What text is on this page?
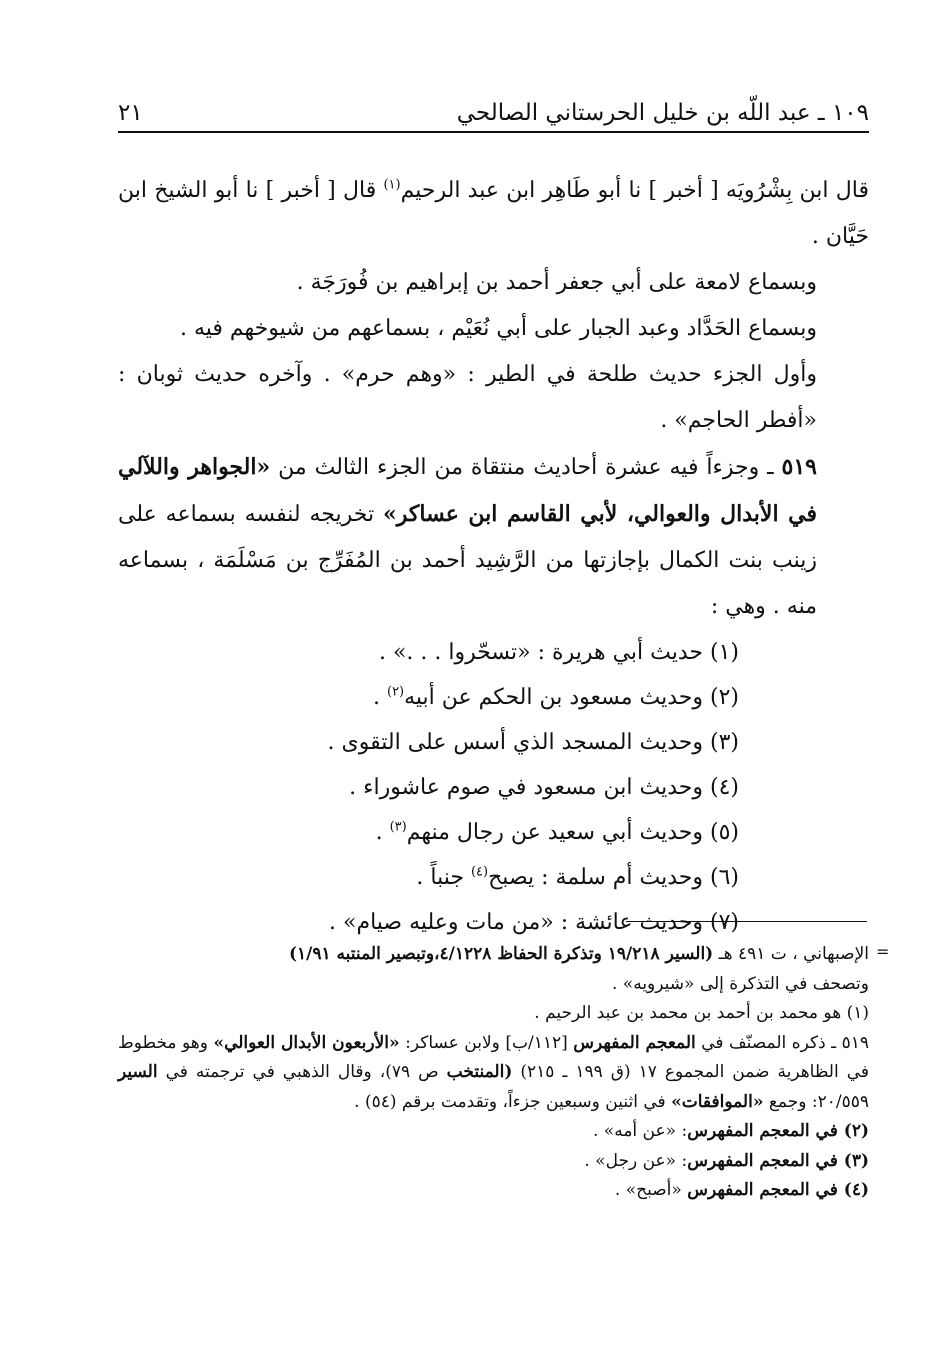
١٠٩ ـ عبد اللّه بن خليل الحرستاني الصالحي
٢١

قال ابن بِشْرُويَه [ أخبر ] نا أبو طَاهِر ابن عبد الرحيم$^{(١)}$ قال [ أخبر ] نا أبو الشيخ ابن حَيَّان .

وبسماع لامعة على أبي جعفر أحمد بن إبراهيم بن فُورَجَة .

وبسماع الحَدَّاد وعبد الجبار على أبي نُعَيْم ، بسماعهم من شيوخهم فيه .

وأول الجزء حديث طلحة في الطير : «وهم حرم» . وآخره حديث ثوبان : «أفطر الحاجم» .

٥١٩ ـ وجزءاً فيه عشرة أحاديث منتقاة من الجزء الثالث من «الجواهر واللآلي في الأبدال والعوالي، لأبي القاسم ابن عساكر» تخريجه لنفسه بسماعه على زينب بنت الكمال بإجازتها من الرَّشِيد أحمد بن المُفَرِّج بن مَسْلَمَة ، بسماعه منه . وهي :

(١) حديث أبي هريرة : «تسحّروا . . .» .
(٢) وحديث مسعود بن الحكم عن أبيه$^{(٢)}$ .
(٣) وحديث المسجد الذي أسس على التقوى .
(٤) وحديث ابن مسعود في صوم عاشوراء .
(٥) وحديث أبي سعيد عن رجال منهم$^{(٣)}$ .
(٦) وحديث أم سلمة : يصبح$^{(٤)}$ جنباً .
(٧) وحديث عائشة : «من مات وعليه صيام» .
=

الإصبهاني ، ت ٤٩١ هـ (السير ١٩/٢١٨ وتذكرة الحفاظ ٤/١٢٢٨،وتبصير المنتبه ١/٩١)

وتصحف في التذكرة إلى «شيرويه» .

(١) هو محمد بن أحمد بن محمد بن عبد الرحيم .

٥١٩ ـ ذكره المصنّف في المعجم المفهرس [١١٢/ب] ولابن عساكر: «الأربعون الأبدال العوالي» وهو مخطوط في الظاهرية ضمن المجموع ١٧ (ق ١٩٩ ـ ٢١٥) (المنتخب ص ٧٩)، وقال الذهبي في ترجمته في السير ٢٠/٥٥٩: وجمع «الموافقات» في اثنين وسبعين جزءاً، وتقدمت برقم (٥٤) .

(٢) في المعجم المفهرس: «عن أمه» .

(٣) في المعجم المفهرس: «عن رجل» .

(٤) في المعجم المفهرس «أصبح» .
